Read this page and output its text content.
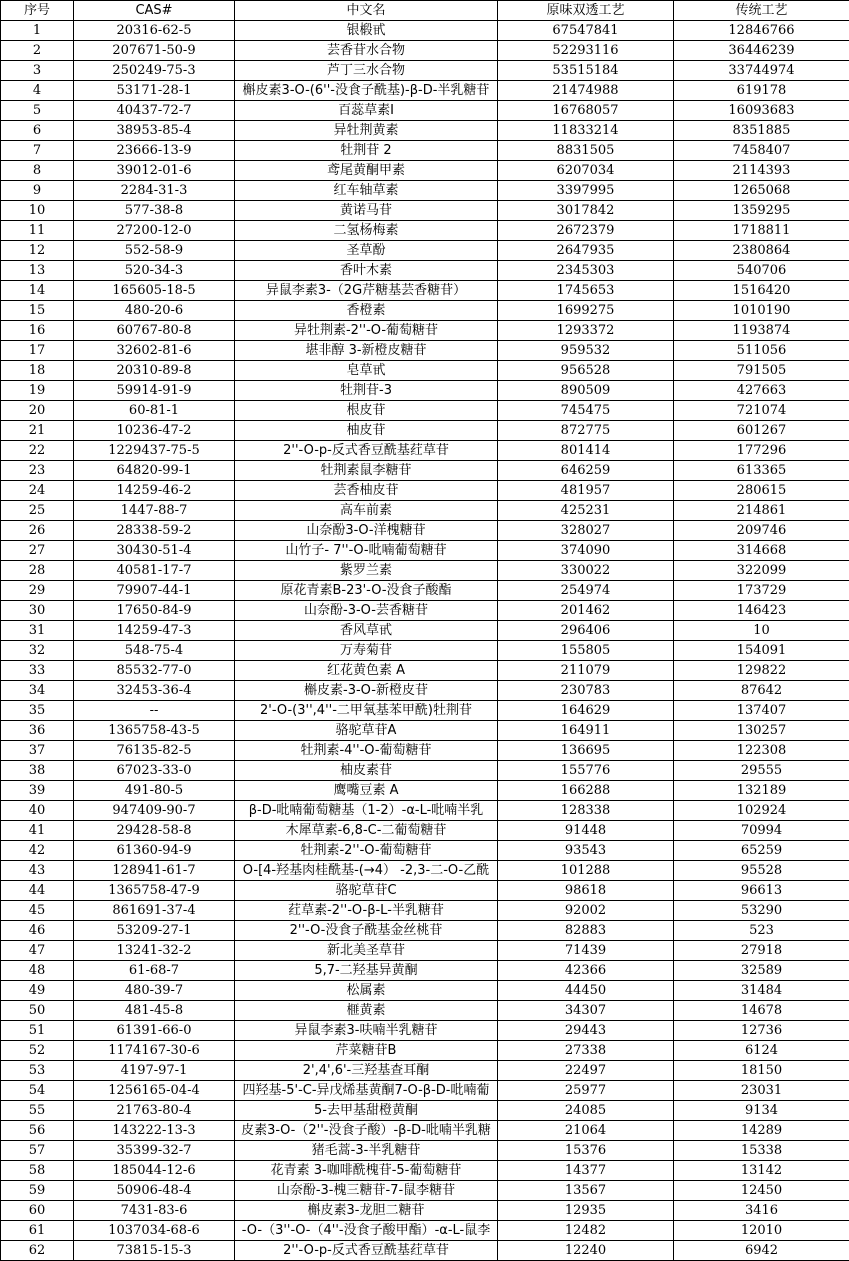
序号	CAS#	中文名	原味双透工艺	传统工艺
1	20316-62-5	银椴甙	67547841	12846766
2	207671-50-9	芸香苷水合物	52293116	36446239
3	250249-75-3	芦丁三水合物	53515184	33744974
4	53171-28-1	槲皮素3-O-(6''-没食子酰基)-β-D-半乳糖苷	21474988	619178
5	40437-72-7	百蕊草素I	16768057	16093683
6	38953-85-4	异牡荆黄素	11833214	8351885
7	23666-13-9	牡荆苷 2	8831505	7458407
8	39012-01-6	鸢尾黄酮甲素	6207034	2114393
9	2284-31-3	红车轴草素	3397995	1265068
10	577-38-8	黄诺马苷	3017842	1359295
11	27200-12-0	二氢杨梅素	2672379	1718811
12	552-58-9	圣草酚	2647935	2380864
13	520-34-3	香叶木素	2345303	540706
14	165605-18-5	异鼠李素3-（2G芹糖基芸香糖苷）	1745653	1516420
15	480-20-6	香橙素	1699275	1010190
16	60767-80-8	异牡荆素-2''-O-葡萄糖苷	1293372	1193874
17	32602-81-6	堪非醇 3-新橙皮糖苷	959532	511056
18	20310-89-8	皂草甙	956528	791505
19	59914-91-9	牡荆苷-3	890509	427663
20	60-81-1	根皮苷	745475	721074
21	10236-47-2	柚皮苷	872775	601267
22	1229437-75-5	2''-O-p-反式香豆酰基荭草苷	801414	177296
23	64820-99-1	牡荆素鼠李糖苷	646259	613365
24	14259-46-2	芸香柚皮苷	481957	280615
25	1447-88-7	高车前素	425231	214861
26	28338-59-2	山奈酚3-O-洋槐糖苷	328027	209746
27	30430-51-4	山竹子- 7''-O-吡喃葡萄糖苷	374090	314668
28	40581-17-7	紫罗兰素	330022	322099
29	79907-44-1	原花青素B-23'-O-没食子酸酯	254974	173729
30	17650-84-9	山奈酚-3-O-芸香糖苷	201462	146423
31	14259-47-3	香风草甙	296406	10
32	548-75-4	万寿菊苷	155805	154091
33	85532-77-0	红花黄色素 A	211079	129822
34	32453-36-4	槲皮素-3-O-新橙皮苷	230783	87642
35	--	2'-O-(3'',4''-二甲氧基苯甲酰)牡荆苷	164629	137407
36	1365758-43-5	骆驼草苷A	164911	130257
37	76135-82-5	牡荆素-4''-O-葡萄糖苷	136695	122308
38	67023-33-0	柚皮素苷	155776	29555
39	491-80-5	鹰嘴豆素 A	166288	132189
40	947409-90-7	β-D-吡喃葡萄糖基（1-2）-α-L-吡喃半乳	128338	102924
41	29428-58-8	木犀草素-6,8-C-二葡萄糖苷	91448	70994
42	61360-94-9	牡荆素-2''-O-葡萄糖苷	93543	65259
43	128941-61-7	O-[4-羟基肉桂酰基-(→4） -2,3-二-O-乙酰	101288	95528
44	1365758-47-9	骆驼草苷C	98618	96613
45	861691-37-4	荭草素-2''-O-β-L-半乳糖苷	92002	53290
46	53209-27-1	2''-O-没食子酰基金丝桃苷	82883	523
47	13241-32-2	新北美圣草苷	71439	27918
48	61-68-7	5,7-二羟基异黄酮	42366	32589
49	480-39-7	松属素	44450	31484
50	481-45-8	榧黄素	34307	14678
51	61391-66-0	异鼠李素3-呋喃半乳糖苷	29443	12736
52	1174167-30-6	芹菜糖苷B	27338	6124
53	4197-97-1	2',4',6'-三羟基查耳酮	22497	18150
54	1256165-04-4	四羟基-5'-C-异戊烯基黄酮7-O-β-D-吡喃葡	25977	23031
55	21763-80-4	5-去甲基甜橙黄酮	24085	9134
56	143222-13-3	皮素3-O-（2''-没食子酸）-β-D-吡喃半乳糖	21064	14289
57	35399-32-7	猪毛蒿-3-半乳糖苷	15376	15338
58	185044-12-6	花青素 3-咖啡酰槐苷-5-葡萄糖苷	14377	13142
59	50906-48-4	山奈酚-3-槐三糖苷-7-鼠李糖苷	13567	12450
60	7431-83-6	槲皮素3-龙胆二糖苷	12935	3416
61	1037034-68-6	-O-（3''-O-（4''-没食子酸甲酯）-α-L-鼠李	12482	12010
62	73815-15-3	2''-O-p-反式香豆酰基荭草苷	12240	6942
